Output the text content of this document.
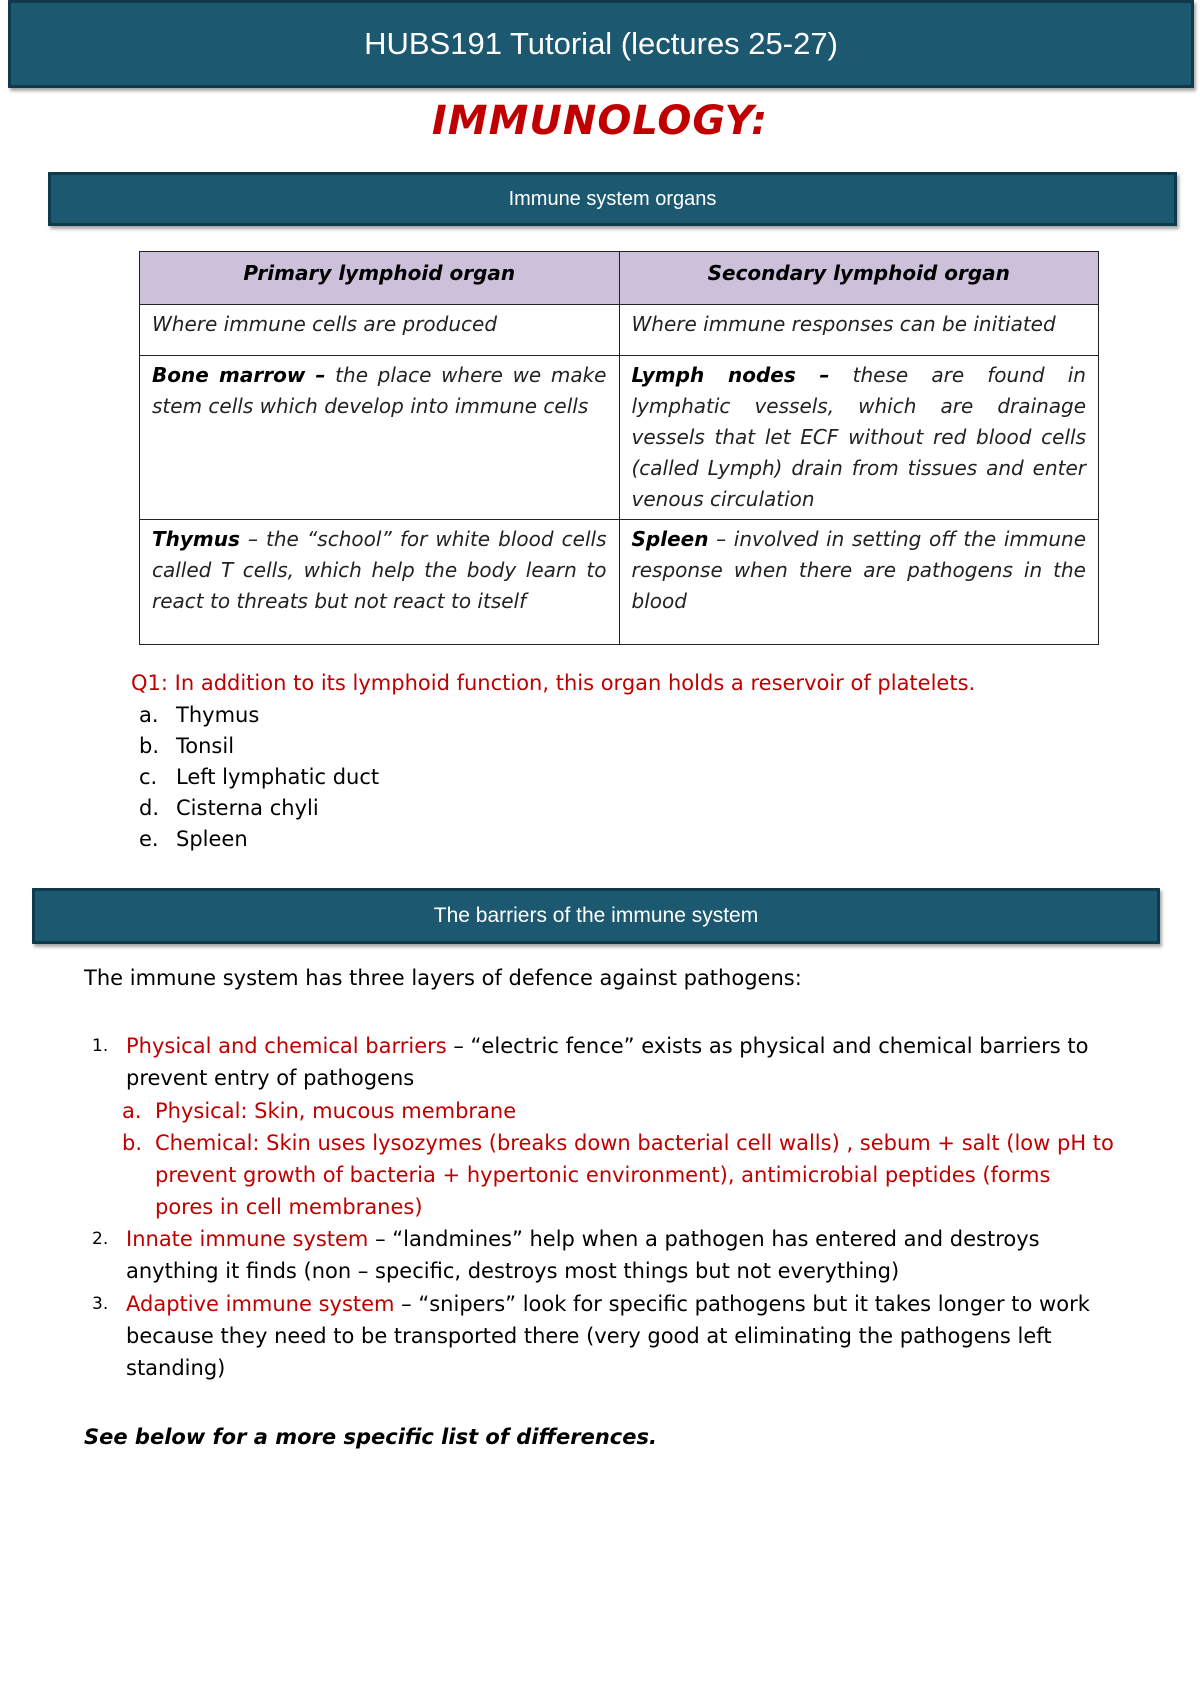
HUBS191 Tutorial (lectures 25-27)
IMMUNOLOGY:
Immune system organs
Primary lymphoid organ	Secondary lymphoid organ
Where immune cells are produced	Where immune responses can be initiated
Bone marrow – the place where we make stem cells which develop into immune cells	Lymph nodes – these are found in lymphatic vessels, which are drainage vessels that let ECF without red blood cells (called Lymph) drain from tissues and enter venous circulation
Thymus – the “school” for white blood cells called T cells, which help the body learn to react to threats but not react to itself	Spleen – involved in setting off the immune response when there are pathogens in the blood

Q1: In addition to its lymphoid function, this organ holds a reservoir of platelets.

a. Thymus
b. Tonsil
c. Left lymphatic duct
d. Cisterna chyli
e. Spleen
The barriers of the immune system

The immune system has three layers of defence against pathogens:

1. Physical and chemical barriers – “electric fence” exists as physical and chemical barriers to prevent entry of pathogens
a. Physical: Skin, mucous membrane
b. Chemical: Skin uses lysozymes (breaks down bacterial cell walls) , sebum + salt (low pH to prevent growth of bacteria + hypertonic environment), antimicrobial peptides (forms pores in cell membranes)
2. Innate immune system – “landmines” help when a pathogen has entered and destroys anything it finds (non – specific, destroys most things but not everything)
3. Adaptive immune system – “snipers” look for specific pathogens but it takes longer to work because they need to be transported there (very good at eliminating the pathogens left standing)

See below for a more specific list of differences.
